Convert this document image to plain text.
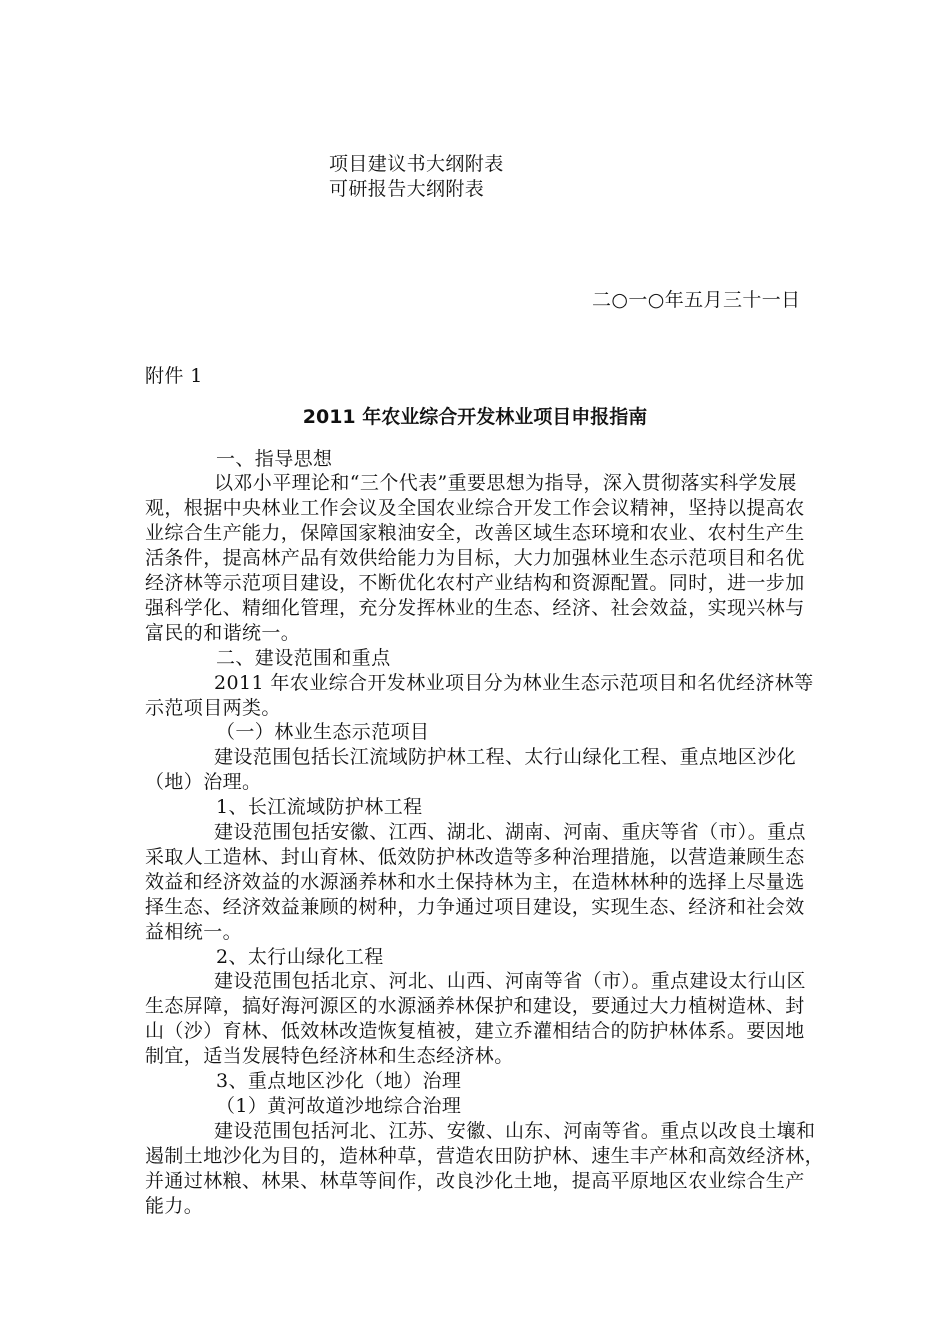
项目建议书大纲附表
可研报告大纲附表
二○一○年五月三十一日
附件 1
2011 年农业综合开发林业项目申报指南
一、指导思想
以邓小平理论和“三个代表”重要思想为指导，深入贯彻落实科学发展
观，根据中央林业工作会议及全国农业综合开发工作会议精神，坚持以提高农
业综合生产能力，保障国家粮油安全，改善区域生态环境和农业、农村生产生
活条件，提高林产品有效供给能力为目标，大力加强林业生态示范项目和名优
经济林等示范项目建设，不断优化农村产业结构和资源配置。同时，进一步加
强科学化、精细化管理，充分发挥林业的生态、经济、社会效益，实现兴林与
富民的和谐统一。
二、建设范围和重点
2011 年农业综合开发林业项目分为林业生态示范项目和名优经济林等
示范项目两类。
（一）林业生态示范项目
建设范围包括长江流域防护林工程、太行山绿化工程、重点地区沙化
（地）治理。
1、长江流域防护林工程
建设范围包括安徽、江西、湖北、湖南、河南、重庆等省（市）。重点
采取人工造林、封山育林、低效防护林改造等多种治理措施，以营造兼顾生态
效益和经济效益的水源涵养林和水土保持林为主，在造林林种的选择上尽量选
择生态、经济效益兼顾的树种，力争通过项目建设，实现生态、经济和社会效
益相统一。
2、太行山绿化工程
建设范围包括北京、河北、山西、河南等省（市）。重点建设太行山区
生态屏障，搞好海河源区的水源涵养林保护和建设，要通过大力植树造林、封
山（沙）育林、低效林改造恢复植被，建立乔灌相结合的防护林体系。要因地
制宜，适当发展特色经济林和生态经济林。
3、重点地区沙化（地）治理
（1）黄河故道沙地综合治理
建设范围包括河北、江苏、安徽、山东、河南等省。重点以改良土壤和
遏制土地沙化为目的，造林种草，营造农田防护林、速生丰产林和高效经济林，
并通过林粮、林果、林草等间作，改良沙化土地，提高平原地区农业综合生产
能力。
